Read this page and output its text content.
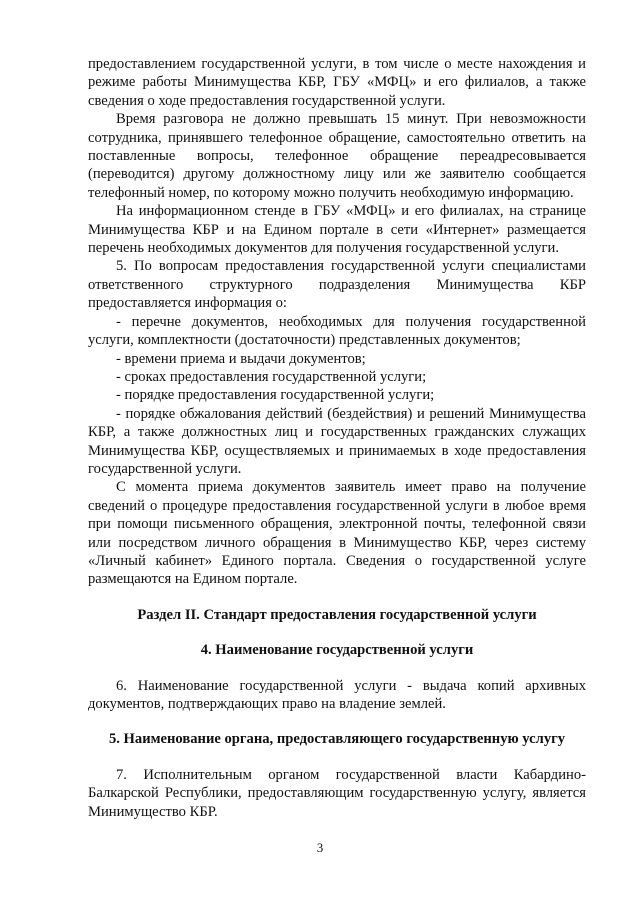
предоставлением государственной услуги, в том числе о месте нахождения и режиме работы Минимущества КБР, ГБУ «МФЦ» и его филиалов, а также сведения о ходе предоставления государственной услуги.

Время разговора не должно превышать 15 минут. При невозможности сотрудника, принявшего телефонное обращение, самостоятельно ответить на поставленные вопросы, телефонное обращение переадресовывается (переводится) другому должностному лицу или же заявителю сообщается телефонный номер, по которому можно получить необходимую информацию.

На информационном стенде в ГБУ «МФЦ» и его филиалах, на странице Минимущества КБР и на Едином портале в сети «Интернет» размещается перечень необходимых документов для получения государственной услуги.

5. По вопросам предоставления государственной услуги специалистами ответственного структурного подразделения Минимущества КБР предоставляется информация о:

- перечне документов, необходимых для получения государственной услуги, комплектности (достаточности) представленных документов;

- времени приема и выдачи документов;

- сроках предоставления государственной услуги;

- порядке предоставления государственной услуги;

- порядке обжалования действий (бездействия) и решений Минимущества КБР, а также должностных лиц и государственных гражданских служащих Минимущества КБР, осуществляемых и принимаемых в ходе предоставления государственной услуги.

С момента приема документов заявитель имеет право на получение сведений о процедуре предоставления государственной услуги в любое время при помощи письменного обращения, электронной почты, телефонной связи или посредством личного обращения в Минимущество КБР, через систему «Личный кабинет» Единого портала. Сведения о государственной услуге размещаются на Едином портале.

Раздел II. Стандарт предоставления государственной услуги

4. Наименование государственной услуги

6. Наименование государственной услуги - выдача копий архивных документов, подтверждающих право на владение землей.

5. Наименование органа, предоставляющего государственную услугу

7. Исполнительным органом государственной власти Кабардино-Балкарской Республики, предоставляющим государственную услугу, является Минимущество КБР.

3
